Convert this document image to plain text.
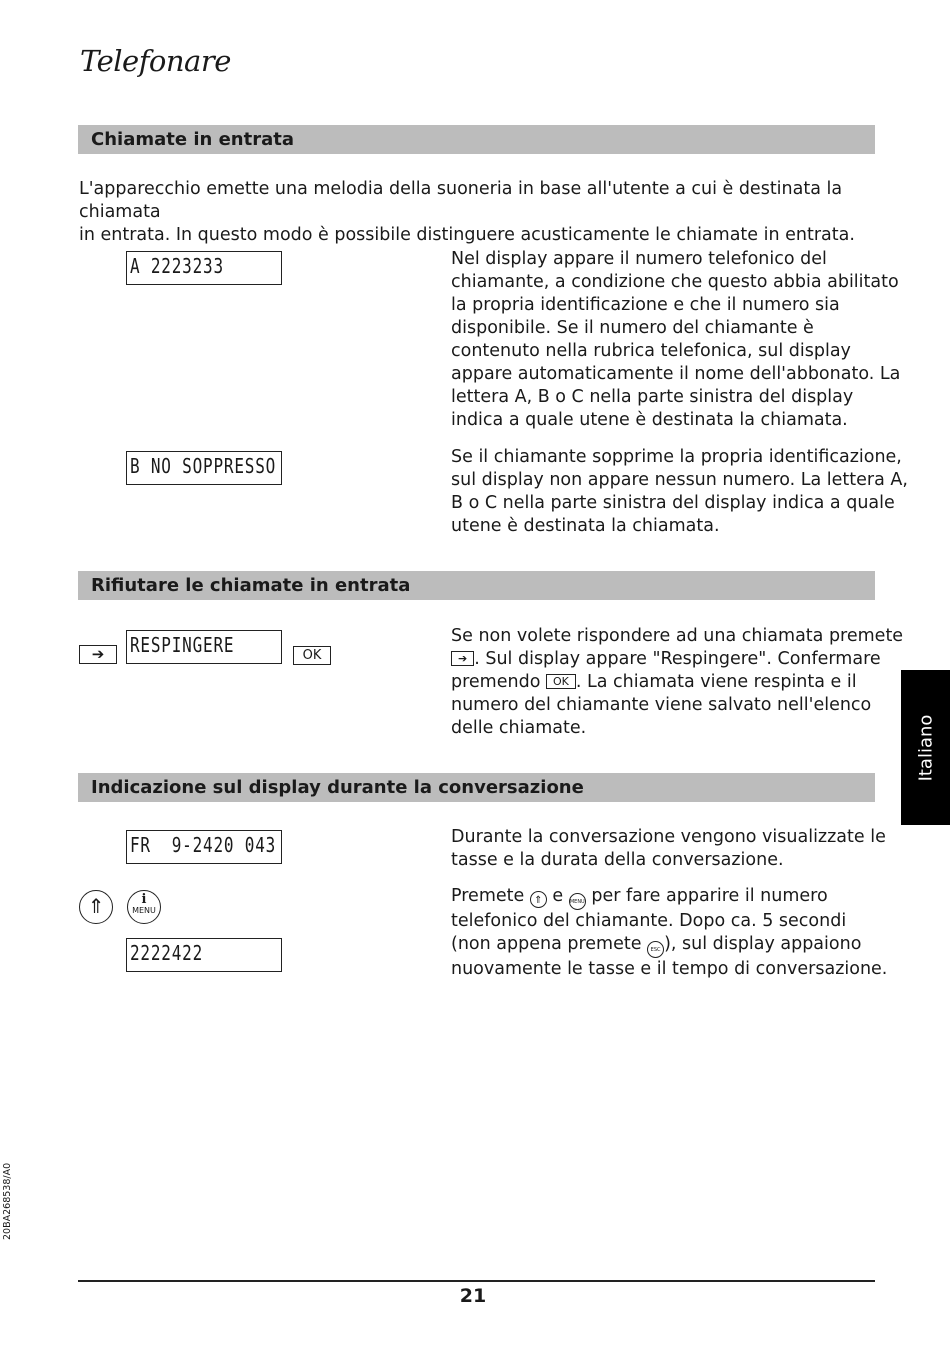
Telefonare
Chiamate in entrata
L'apparecchio emette una melodia della suoneria in base all'utente a cui è destinata la chiamata
in entrata. In questo modo è possibile distinguere acusticamente le chiamate in entrata.
A 2223233	Nel display appare il numero telefonico del
chiamante, a condizione che questo abbia abilitato
la propria identificazione e che il numero sia
disponibile. Se il numero del chiamante è
contenuto nella rubrica telefonica, sul display
appare automaticamente il nome dell'abbonato. La
lettera A, B o C nella parte sinistra del display
indica a quale utene è destinata la chiamata.
B NO SOPPRESSO	Se il chiamante sopprime la propria identificazione,
sul display non appare nessun numero. La lettera A,
B o C nella parte sinistra del display indica a quale
utene è destinata la chiamata.
Rifiutare le chiamate in entrata
➔	RESPINGERE	OK
Se non volete rispondere ad una chiamata premete
➔ . Sul display appare "Respingere". Confermare
premendo OK . La chiamata viene respinta e il
numero del chiamante viene salvato nell'elenco
delle chiamate.
Indicazione sul display durante la conversazione
FR  9-2420 043	Durante la conversazione vengono visualizzate le
tasse e la durata della conversazione.
⇑	i
MENU
2222422
Premete ⇑ e MENU per fare apparire il numero
telefonico del chiamante. Dopo ca. 5 secondi
(non appena premete ESC ), sul display appaiono
nuovamente le tasse e il tempo di conversazione.
Italiano
20BA268538/A0
21
